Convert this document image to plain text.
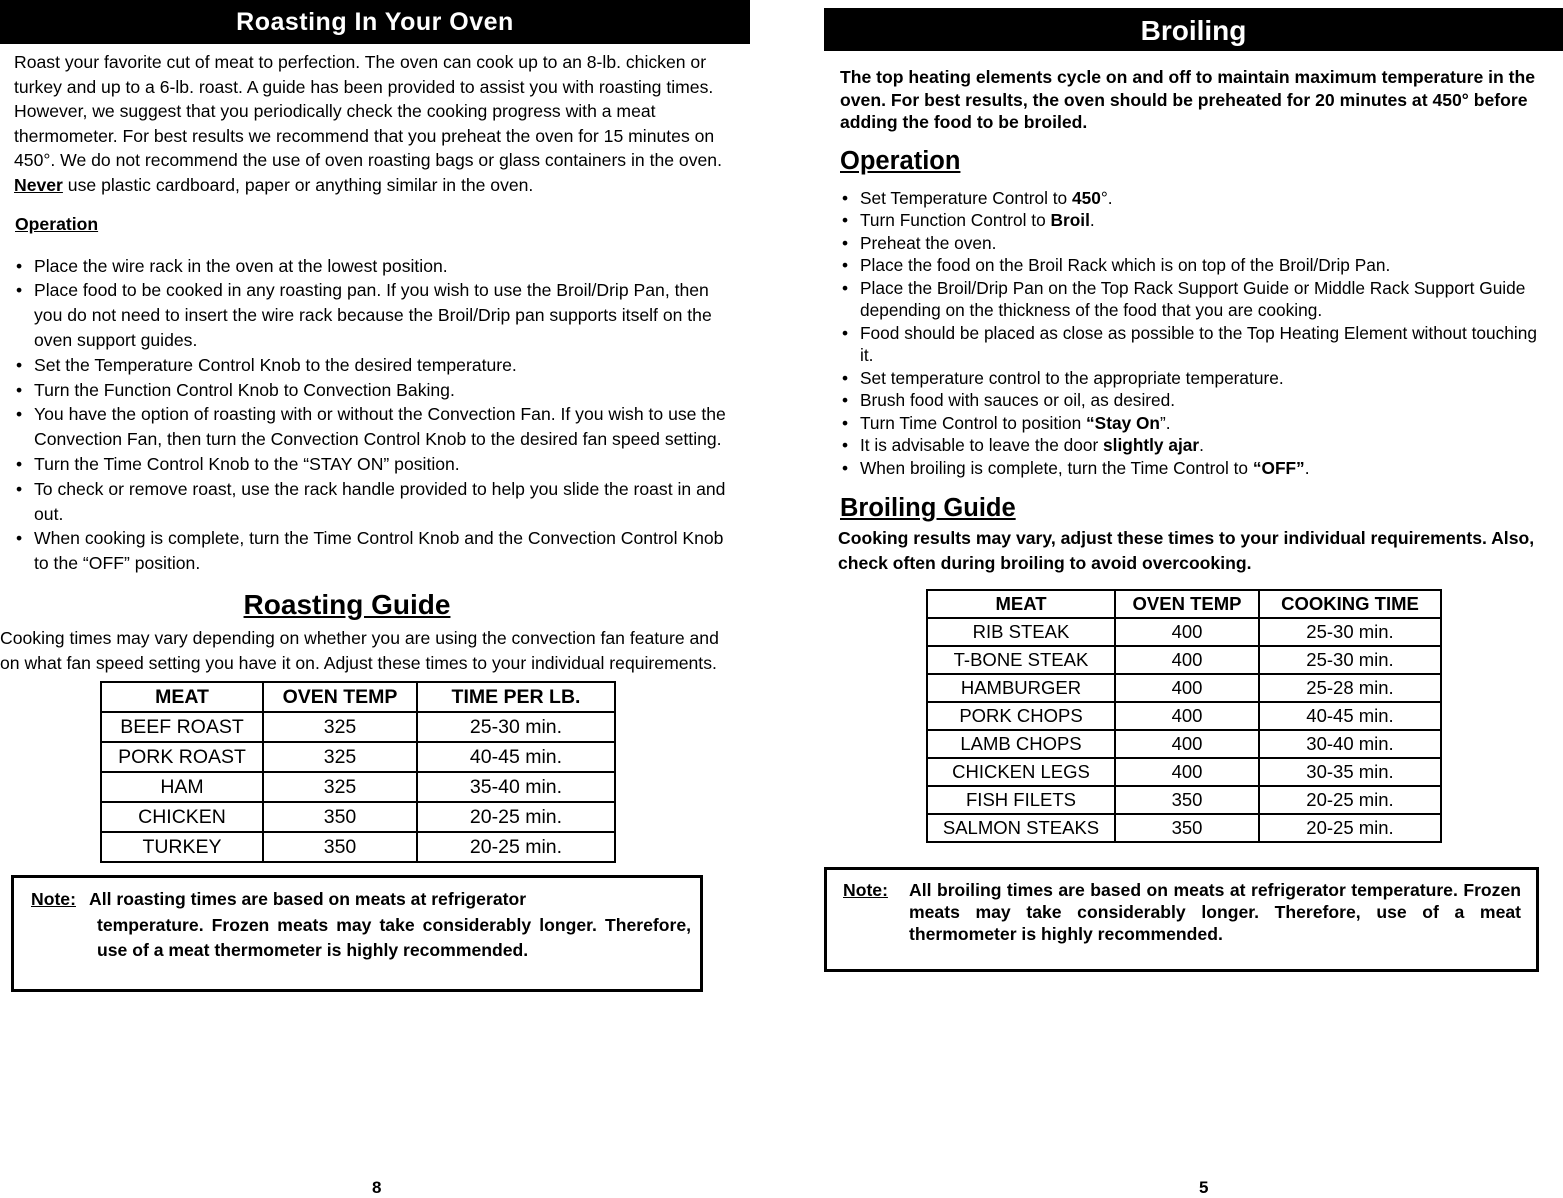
Roasting In Your Oven

Roast your favorite cut of meat to perfection. The oven can cook up to an 8-lb. chicken or turkey and up to a 6-lb. roast. A guide has been provided to assist you with roasting times. However, we suggest that you periodically check the cooking progress with a meat thermometer. For best results we recommend that you preheat the oven for 15 minutes on 450°. We do not recommend the use of oven roasting bags or glass containers in the oven. Never use plastic cardboard, paper or anything similar in the oven.

Operation
• Place the wire rack in the oven at the lowest position.
• Place food to be cooked in any roasting pan. If you wish to use the Broil/Drip Pan, then you do not need to insert the wire rack because the Broil/Drip pan supports itself on the oven support guides.
• Set the Temperature Control Knob to the desired temperature.
• Turn the Function Control Knob to Convection Baking.
• You have the option of roasting with or without the Convection Fan. If you wish to use the Convection Fan, then turn the Convection Control Knob to the desired fan speed setting.
• Turn the Time Control Knob to the “STAY ON” position.
• To check or remove roast, use the rack handle provided to help you slide the roast in and out.
• When cooking is complete, turn the Time Control Knob and the Convection Control Knob to the “OFF” position.
Roasting Guide

Cooking times may vary depending on whether you are using the convection fan feature and on what fan speed setting you have it on. Adjust these times to your individual requirements.

MEAT	OVEN TEMP	TIME PER LB.
BEEF ROAST	325	25-30 min.
PORK ROAST	325	40-45 min.
HAM	325	35-40 min.
CHICKEN	350	20-25 min.
TURKEY	350	20-25 min.
Note: All roasting times are based on meats at refrigerator
temperature. Frozen meats may take considerably longer. Therefore, use of a meat thermometer is highly recommended.
8
Broiling

The top heating elements cycle on and off to maintain maximum temperature in the oven. For best results, the oven should be preheated for 20 minutes at 450° before adding the food to be broiled.

Operation
• Set Temperature Control to 450°.
• Turn Function Control to Broil.
• Preheat the oven.
• Place the food on the Broil Rack which is on top of the Broil/Drip Pan.
• Place the Broil/Drip Pan on the Top Rack Support Guide or Middle Rack Support Guide depending on the thickness of the food that you are cooking.
• Food should be placed as close as possible to the Top Heating Element without touching it.
• Set temperature control to the appropriate temperature.
• Brush food with sauces or oil, as desired.
• Turn Time Control to position “Stay On”.
• It is advisable to leave the door slightly ajar.
• When broiling is complete, turn the Time Control to “OFF”.
Broiling Guide

Cooking results may vary, adjust these times to your individual requirements. Also, check often during broiling to avoid overcooking.

MEAT	OVEN TEMP	COOKING TIME
RIB STEAK	400	25-30 min.
T-BONE STEAK	400	25-30 min.
HAMBURGER	400	25-28 min.
PORK CHOPS	400	40-45 min.
LAMB CHOPS	400	30-40 min.
CHICKEN LEGS	400	30-35 min.
FISH FILETS	350	20-25 min.
SALMON STEAKS	350	20-25 min.
Note: All broiling times are based on meats at refrigerator temperature. Frozen meats may take considerably longer. Therefore, use of a meat thermometer is highly recommended.
5
